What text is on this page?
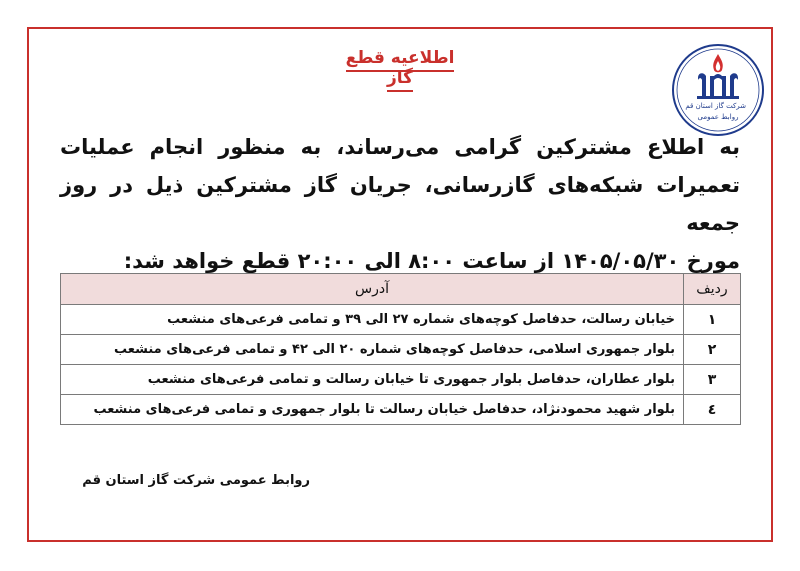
شرکت گاز استان قم
روابط عمومی
اطلاعیه قطع گاز

به اطلاع مشترکین گرامی می‌رساند، به منظور انجام عملیات

تعمیرات شبکه‌های گازرسانی، جریان گاز مشترکین ذیل در روز جمعه

مورخ ۱۴۰۵/۰۵/۳۰ از ساعت ۸:۰۰ الی ۲۰:۰۰ قطع خواهد شد:

ردیف	آدرس
۱	خیابان رسالت، حدفاصل کوچه‌های شماره ۲۷ الی ۳۹ و تمامی فرعی‌های منشعب
۲	بلوار جمهوری اسلامی، حدفاصل کوچه‌های شماره ۲۰ الی ۴۲ و تمامی فرعی‌های منشعب
۳	بلوار عطاران، حدفاصل بلوار جمهوری تا خیابان رسالت و تمامی فرعی‌های منشعب
٤	بلوار شهید محمودنژاد، حدفاصل خیابان رسالت تا بلوار جمهوری و تمامی فرعی‌های منشعب
روابط عمومی شرکت گاز استان قم
